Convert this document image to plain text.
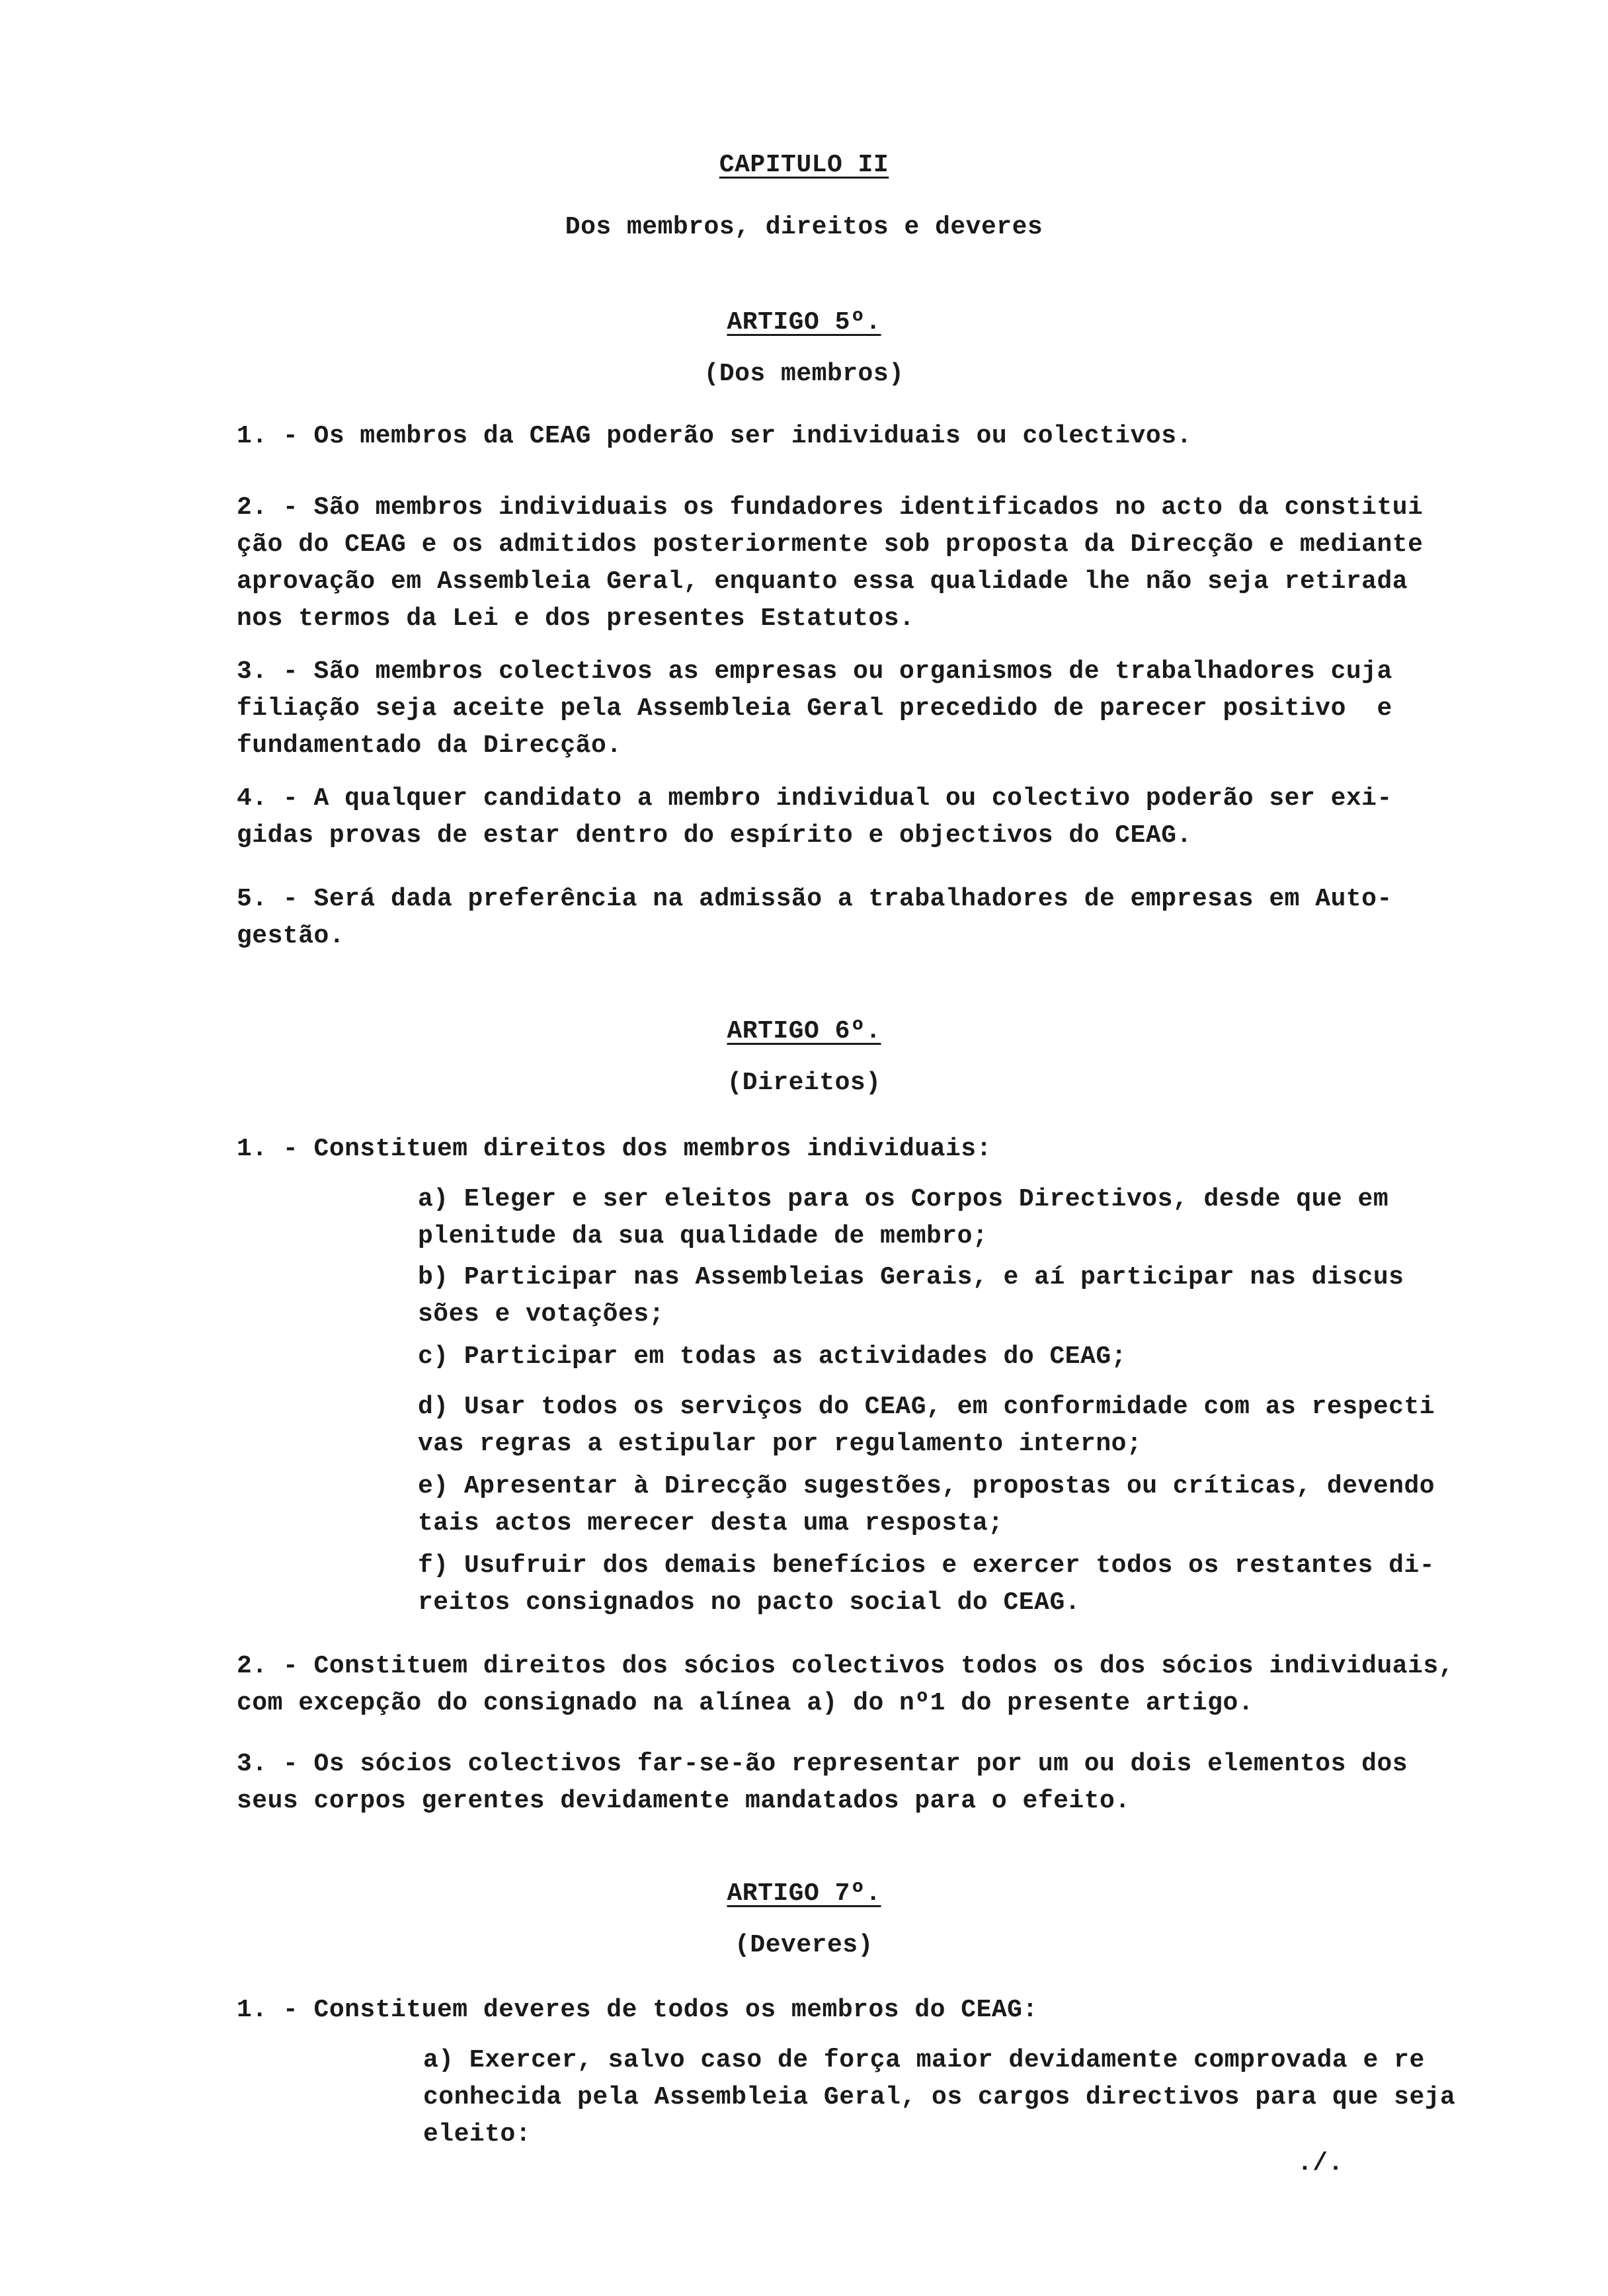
CAPITULO II
Dos membros, direitos e deveres
ARTIGO 5º.
(Dos membros)

1. - Os membros da CEAG poderão ser individuais ou colectivos.

2. - São membros individuais os fundadores identificados no acto da constitui
ção do CEAG e os admitidos posteriormente sob proposta da Direcção e mediante
aprovação em Assembleia Geral, enquanto essa qualidade lhe não seja retirada
nos termos da Lei e dos presentes Estatutos.

3. - São membros colectivos as empresas ou organismos de trabalhadores cuja
filiação seja aceite pela Assembleia Geral precedido de parecer positivo  e
fundamentado da Direcção.

4. - A qualquer candidato a membro individual ou colectivo poderão ser exi-
gidas provas de estar dentro do espírito e objectivos do CEAG.

5. - Será dada preferência na admissão a trabalhadores de empresas em Auto-
gestão.

ARTIGO 6º.
(Direitos)

1. - Constituem direitos dos membros individuais:

a) Eleger e ser eleitos para os Corpos Directivos, desde que em
plenitude da sua qualidade de membro;

b) Participar nas Assembleias Gerais, e aí participar nas discus
sões e votações;

c) Participar em todas as actividades do CEAG;

d) Usar todos os serviços do CEAG, em conformidade com as respecti
vas regras a estipular por regulamento interno;

e) Apresentar à Direcção sugestões, propostas ou críticas, devendo
tais actos merecer desta uma resposta;

f) Usufruir dos demais benefícios e exercer todos os restantes di-
reitos consignados no pacto social do CEAG.

2. - Constituem direitos dos sócios colectivos todos os dos sócios individuais,
com excepção do consignado na alínea a) do nº1 do presente artigo.

3. - Os sócios colectivos far-se-ão representar por um ou dois elementos dos
seus corpos gerentes devidamente mandatados para o efeito.

ARTIGO 7º.
(Deveres)

1. - Constituem deveres de todos os membros do CEAG:

a) Exercer, salvo caso de força maior devidamente comprovada e re
conhecida pela Assembleia Geral, os cargos directivos para que seja
eleito:

./.
